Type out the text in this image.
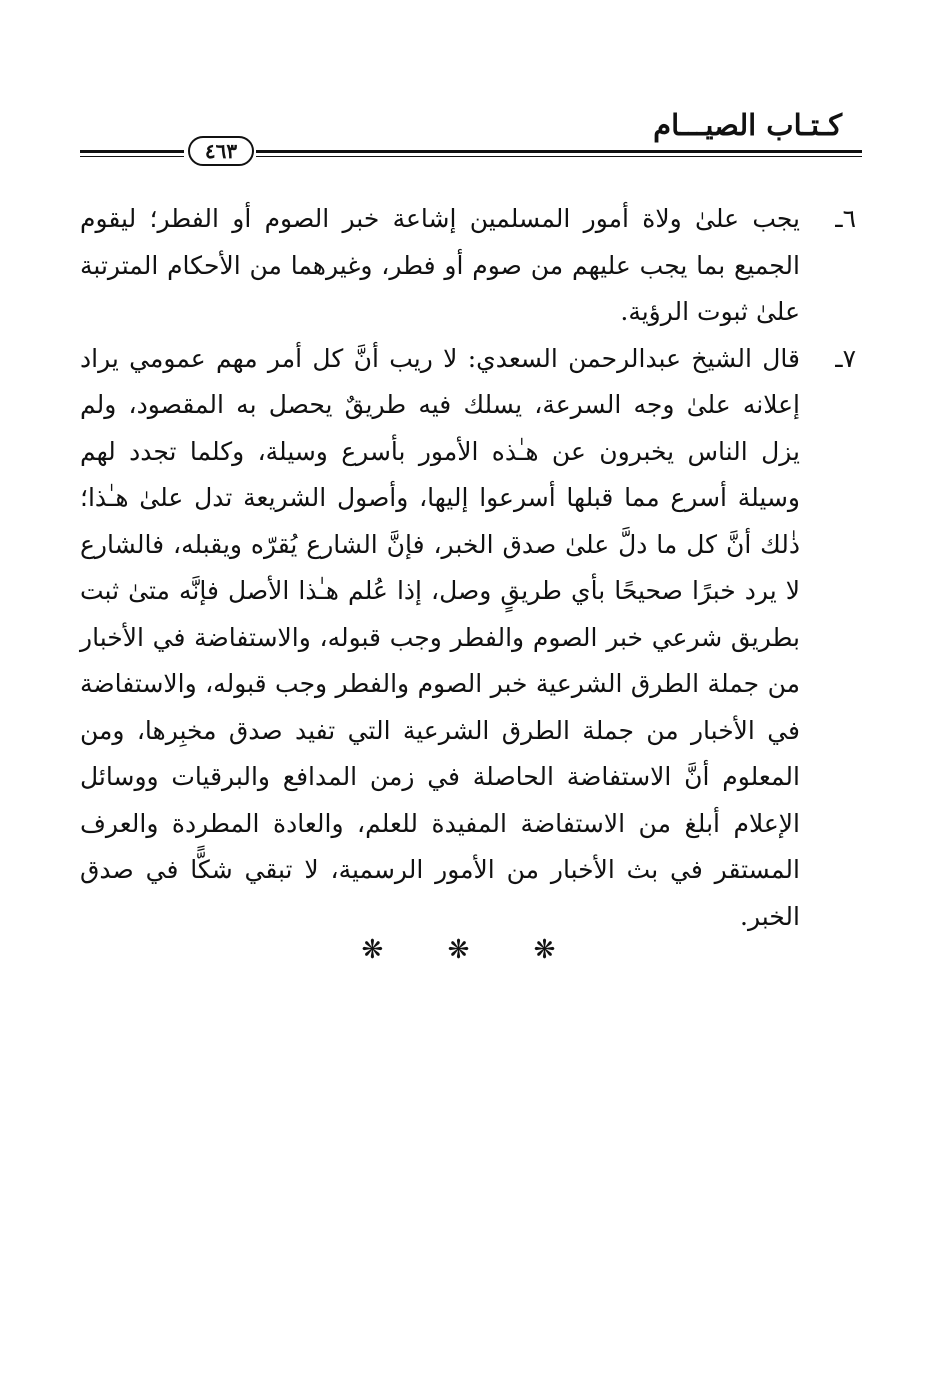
كـتـاب الصيـــام
٤٦٣

٦ـ
يجب علىٰ ولاة أمور المسلمين إشاعة خبر الصوم أو الفطر؛ ليقوم الجميع بما يجب عليهم من صوم أو فطر، وغيرهما من الأحكام المترتبة علىٰ ثبوت الرؤية.

٧ـ
قال الشيخ عبدالرحمن السعدي: لا ريب أنَّ كل أمر مهم عمومي يراد إعلانه علىٰ وجه السرعة، يسلك فيه طريقٌ يحصل به المقصود، ولم يزل الناس يخبرون عن هـٰذه الأمور بأسرع وسيلة، وكلما تجدد لهم وسيلة أسرع مما قبلها أسرعوا إليها، وأصول الشريعة تدل علىٰ هـٰذا؛ ذٰلك أنَّ كل ما دلَّ علىٰ صدق الخبر، فإنَّ الشارع يُقرّه ويقبله، فالشارع لا يرد خبرًا صحيحًا بأي طريقٍ وصل، إذا عُلم هـٰذا الأصل فإنَّه متىٰ ثبت بطريق شرعي خبر الصوم والفطر وجب قبوله، والاستفاضة في الأخبار من جملة الطرق الشرعية خبر الصوم والفطر وجب قبوله، والاستفاضة في الأخبار من جملة الطرق الشرعية التي تفيد صدق مخبِرها، ومن المعلوم أنَّ الاستفاضة الحاصلة في زمن المدافع والبرقيات ووسائل الإعلام أبلغ من الاستفاضة المفيدة للعلم، والعادة المطردة والعرف المستقر في بث الأخبار من الأمور الرسمية، لا تبقي شكًّا في صدق الخبر.

❋ ❋ ❋
